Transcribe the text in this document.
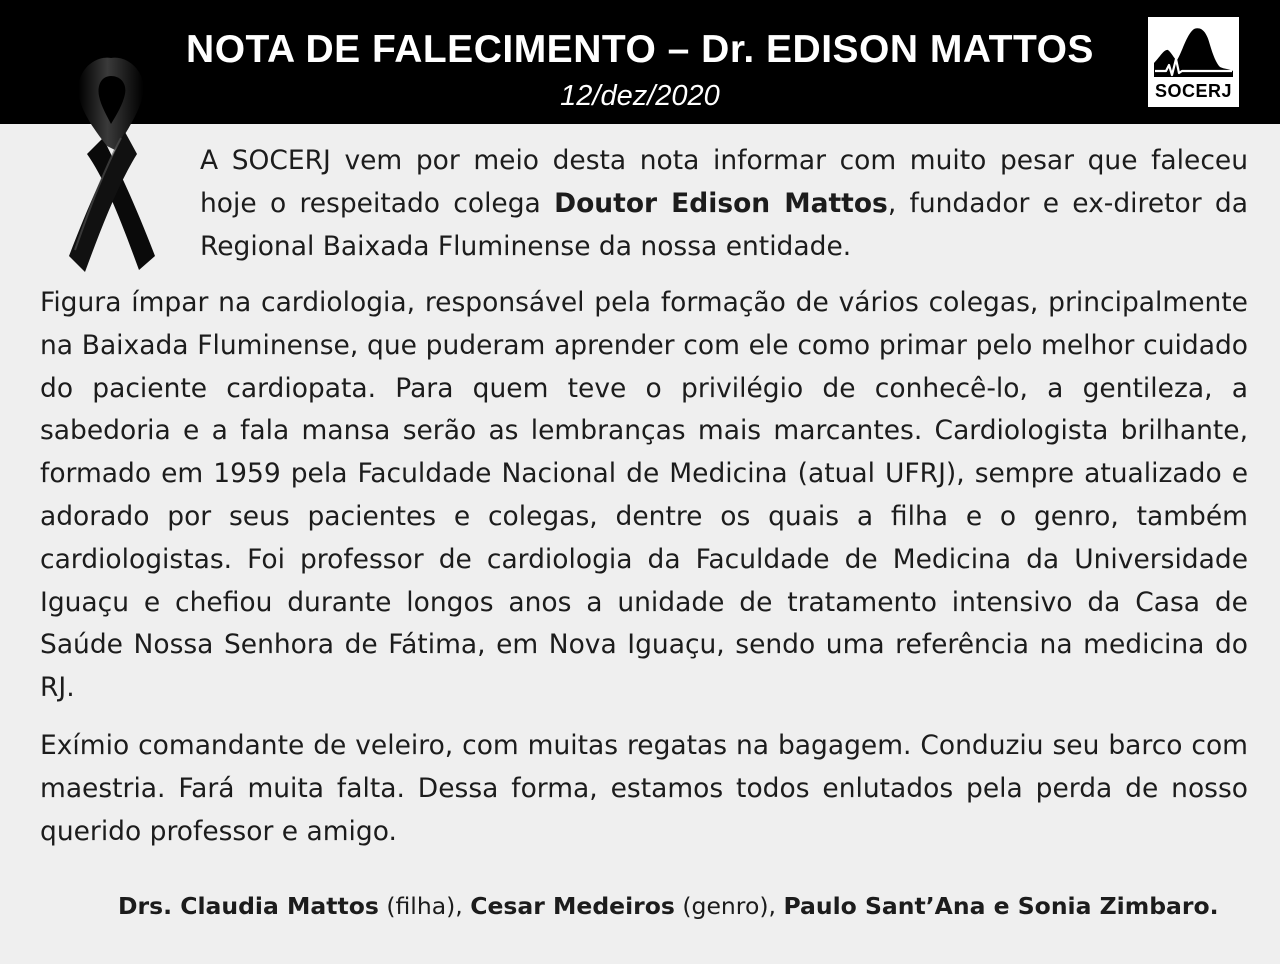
NOTA DE FALECIMENTO – Dr. EDISON MATTOS
12/dez/2020	SOCERJ

A SOCERJ vem por meio desta nota informar com muito pesar que faleceu hoje o respeitado colega Doutor Edison Mattos, fundador e ex-diretor da Regional Baixada Fluminense da nossa entidade.

Figura ímpar na cardiologia, responsável pela formação de vários colegas, principalmente na Baixada Fluminense, que puderam aprender com ele como primar pelo melhor cuidado do paciente cardiopata. Para quem teve o privilégio de conhecê-lo, a gentileza, a sabedoria e a fala mansa serão as lembranças mais marcantes. Cardiologista brilhante, formado em 1959 pela Faculdade Nacional de Medicina (atual UFRJ), sempre atualizado e adorado por seus pacientes e colegas, dentre os quais a filha e o genro, também cardiologistas. Foi professor de cardiologia da Faculdade de Medicina da Universidade Iguaçu e chefiou durante longos anos a unidade de tratamento intensivo da Casa de Saúde Nossa Senhora de Fátima, em Nova Iguaçu, sendo uma referência na medicina do RJ.

Exímio comandante de veleiro, com muitas regatas na bagagem. Conduziu seu barco com maestria. Fará muita falta. Dessa forma, estamos todos enlutados pela perda de nosso querido professor e amigo.

Drs. Claudia Mattos (filha), Cesar Medeiros (genro), Paulo Sant’Ana e Sonia Zimbaro.
